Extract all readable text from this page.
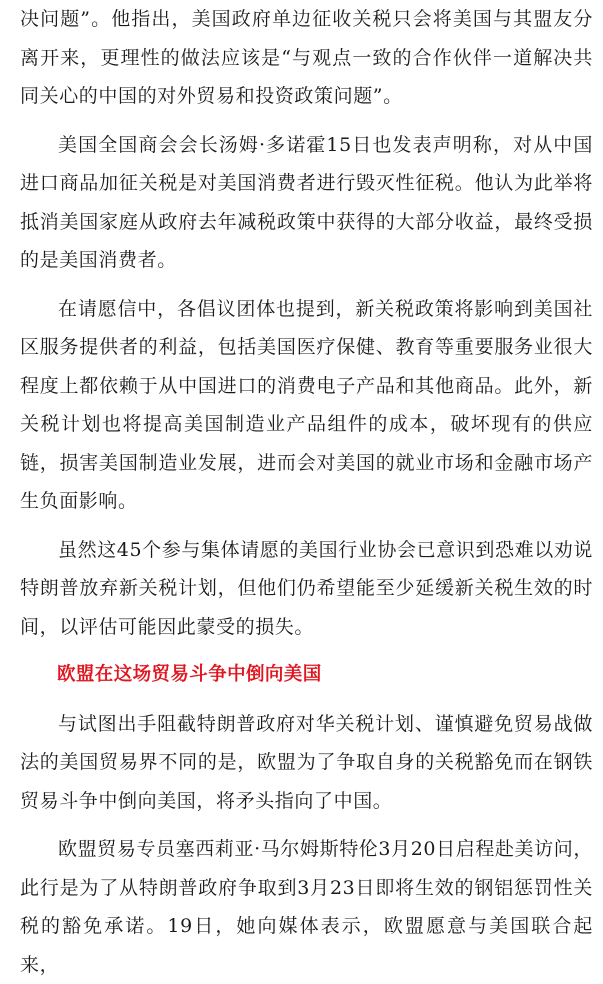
决问题”。他指出，美国政府单边征收关税只会将美国与其盟友分离开来，更理性的做法应该是“与观点一致的合作伙伴一道解决共同关心的中国的对外贸易和投资政策问题”。

美国全国商会会长汤姆·多诺霍15日也发表声明称，对从中国进口商品加征关税是对美国消费者进行毁灭性征税。他认为此举将抵消美国家庭从政府去年减税政策中获得的大部分收益，最终受损的是美国消费者。

在请愿信中，各倡议团体也提到，新关税政策将影响到美国社区服务提供者的利益，包括美国医疗保健、教育等重要服务业很大程度上都依赖于从中国进口的消费电子产品和其他商品。此外，新关税计划也将提高美国制造业产品组件的成本，破坏现有的供应链，损害美国制造业发展，进而会对美国的就业市场和金融市场产生负面影响。

虽然这45个参与集体请愿的美国行业协会已意识到恐难以劝说特朗普放弃新关税计划，但他们仍希望能至少延缓新关税生效的时间，以评估可能因此蒙受的损失。

欧盟在这场贸易斗争中倒向美国

与试图出手阻截特朗普政府对华关税计划、谨慎避免贸易战做法的美国贸易界不同的是，欧盟为了争取自身的关税豁免而在钢铁贸易斗争中倒向美国，将矛头指向了中国。

欧盟贸易专员塞西莉亚·马尔姆斯特伦3月20日启程赴美访问，此行是为了从特朗普政府争取到3月23日即将生效的钢铝惩罚性关税的豁免承诺。19日，她向媒体表示，欧盟愿意与美国联合起来，
